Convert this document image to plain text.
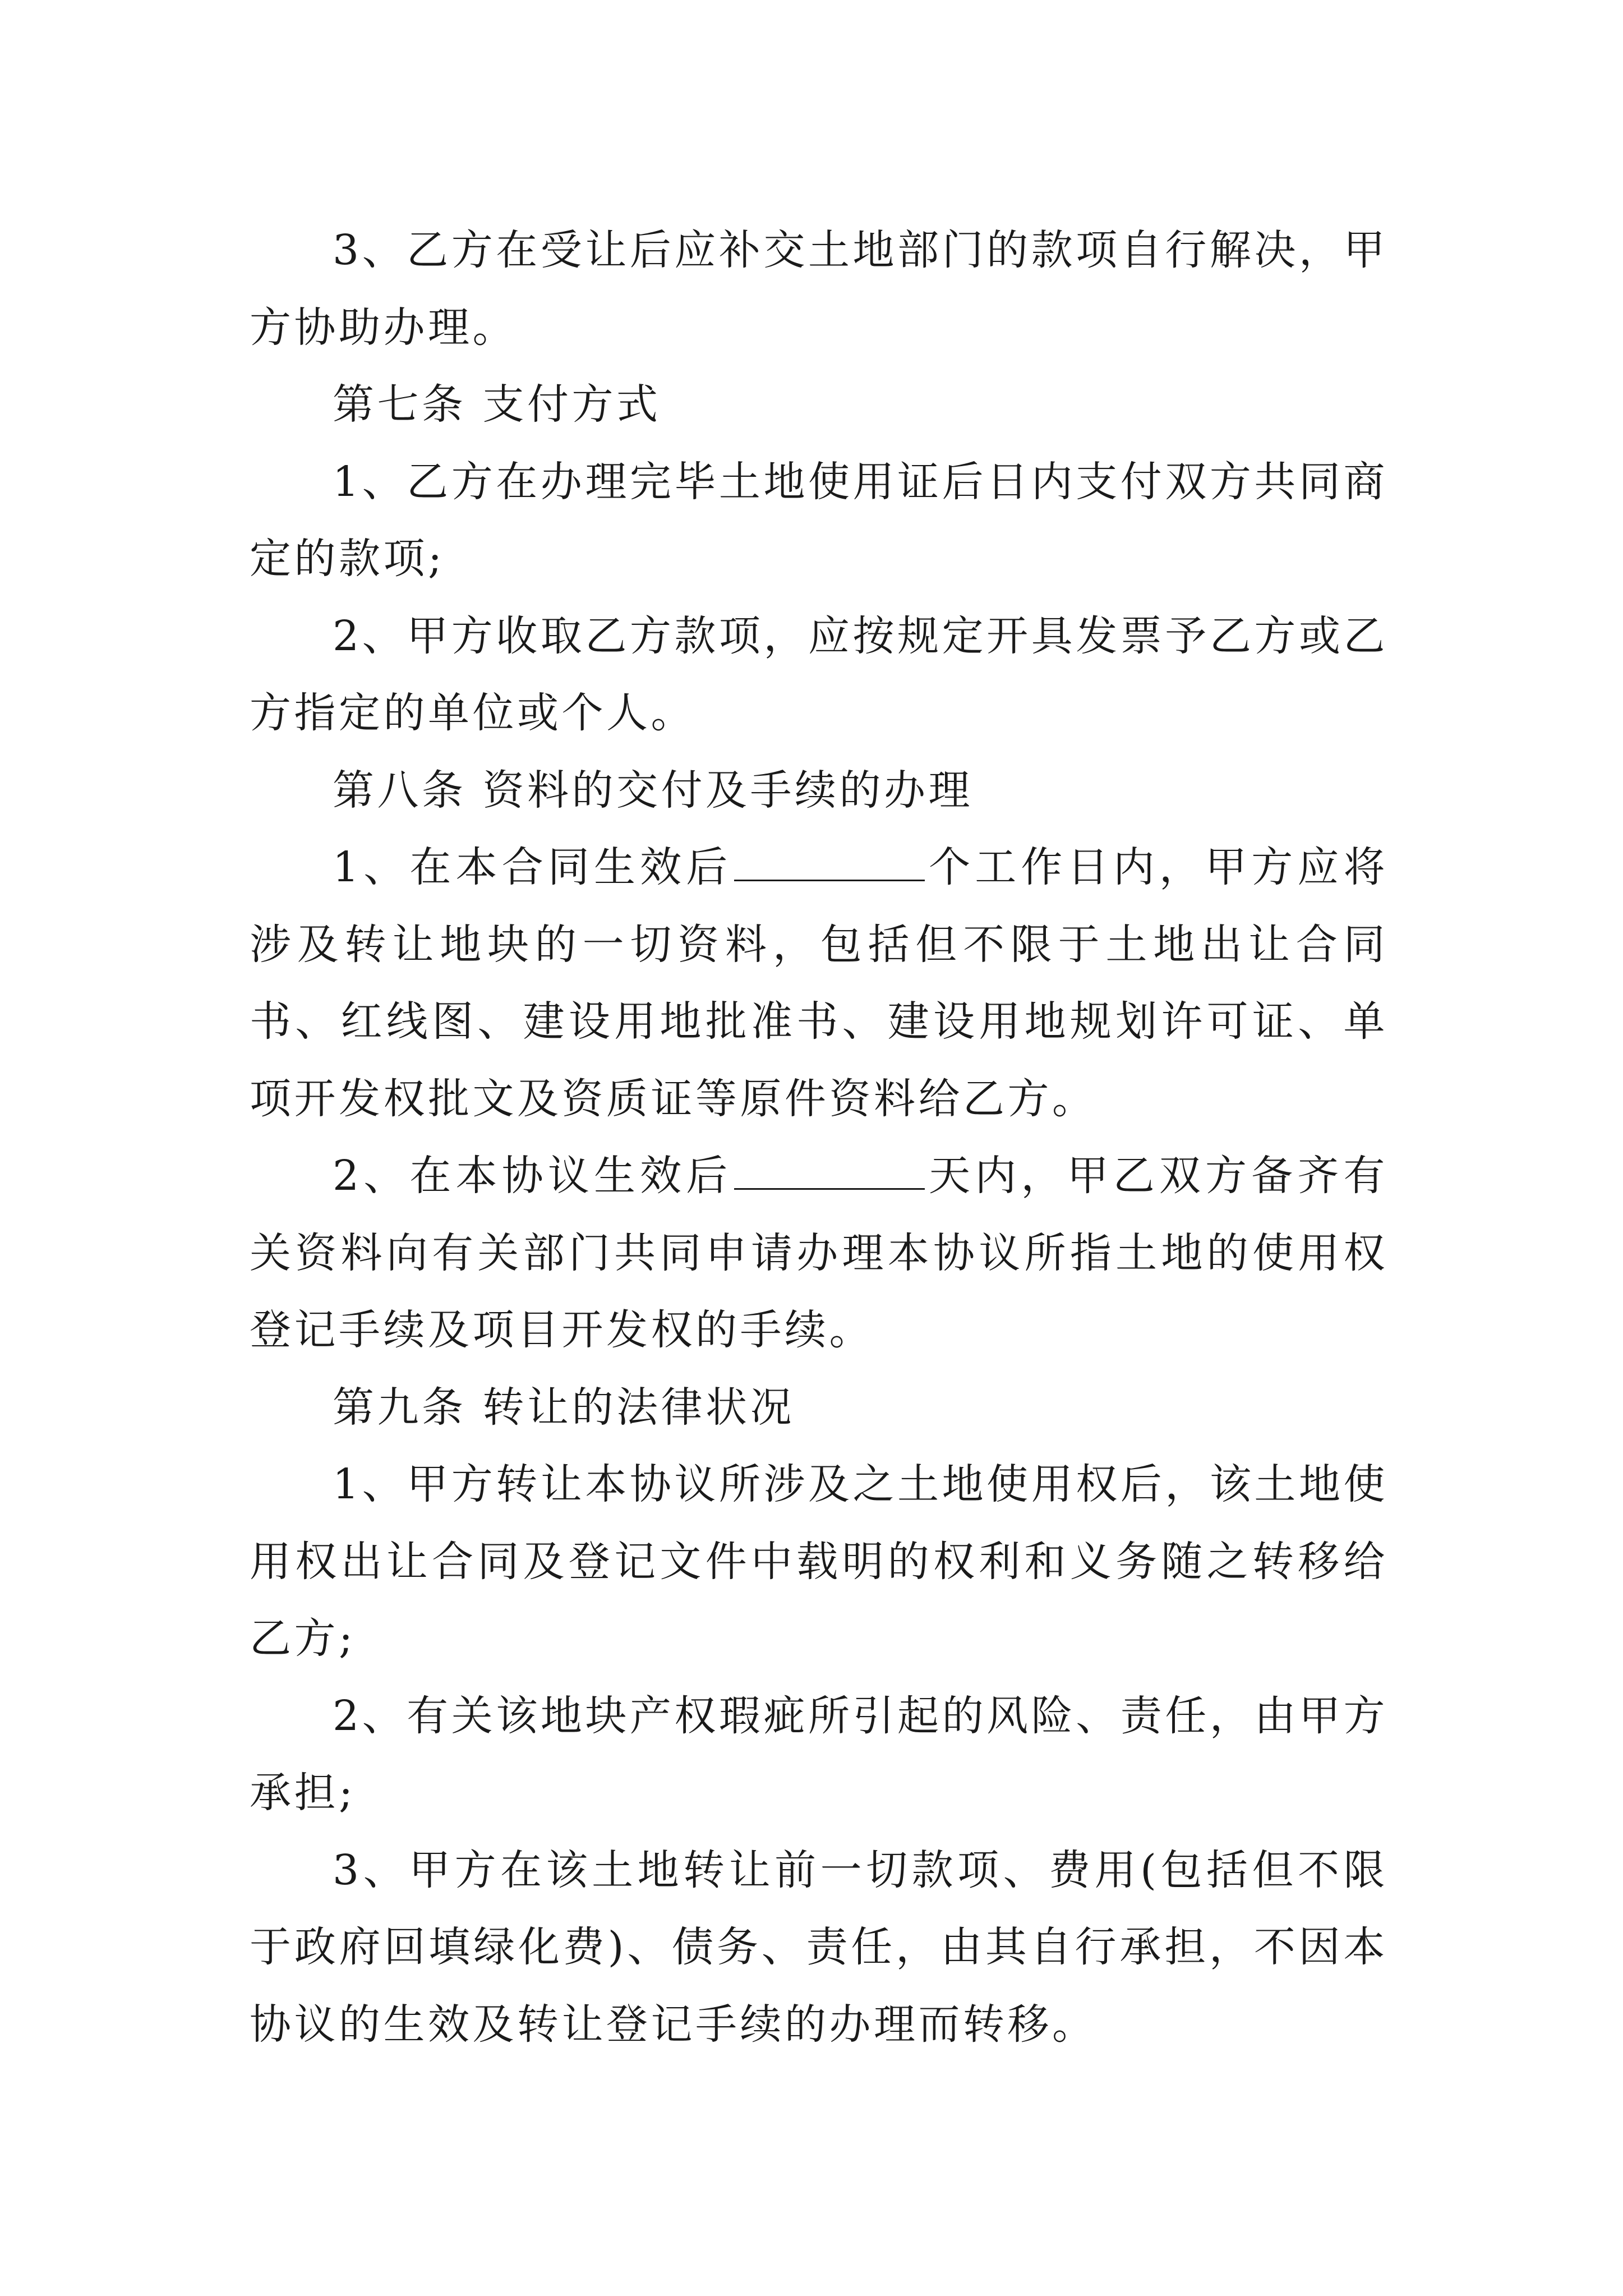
3、乙方在受让后应补交土地部门的款项自行解决，甲方协助办理。

第七条 支付方式

1、乙方在办理完毕土地使用证后日内支付双方共同商定的款项;

2、甲方收取乙方款项，应按规定开具发票予乙方或乙方指定的单位或个人。

第八条 资料的交付及手续的办理

1、在本合同生效后	个工作日内，甲方应将涉及转让地块的一切资料，包括但不限于土地出让合同书、红线图、建设用地批准书、建设用地规划许可证、单项开发权批文及资质证等原件资料给乙方。

2、在本协议生效后	天内，甲乙双方备齐有关资料向有关部门共同申请办理本协议所指土地的使用权登记手续及项目开发权的手续。

第九条 转让的法律状况

1、甲方转让本协议所涉及之土地使用权后，该土地使用权出让合同及登记文件中载明的权利和义务随之转移给乙方;

2、有关该地块产权瑕疵所引起的风险、责任，由甲方承担;

3、甲方在该土地转让前一切款项、费用(包括但不限于政府回填绿化费)、债务、责任，由其自行承担，不因本协议的生效及转让登记手续的办理而转移。
